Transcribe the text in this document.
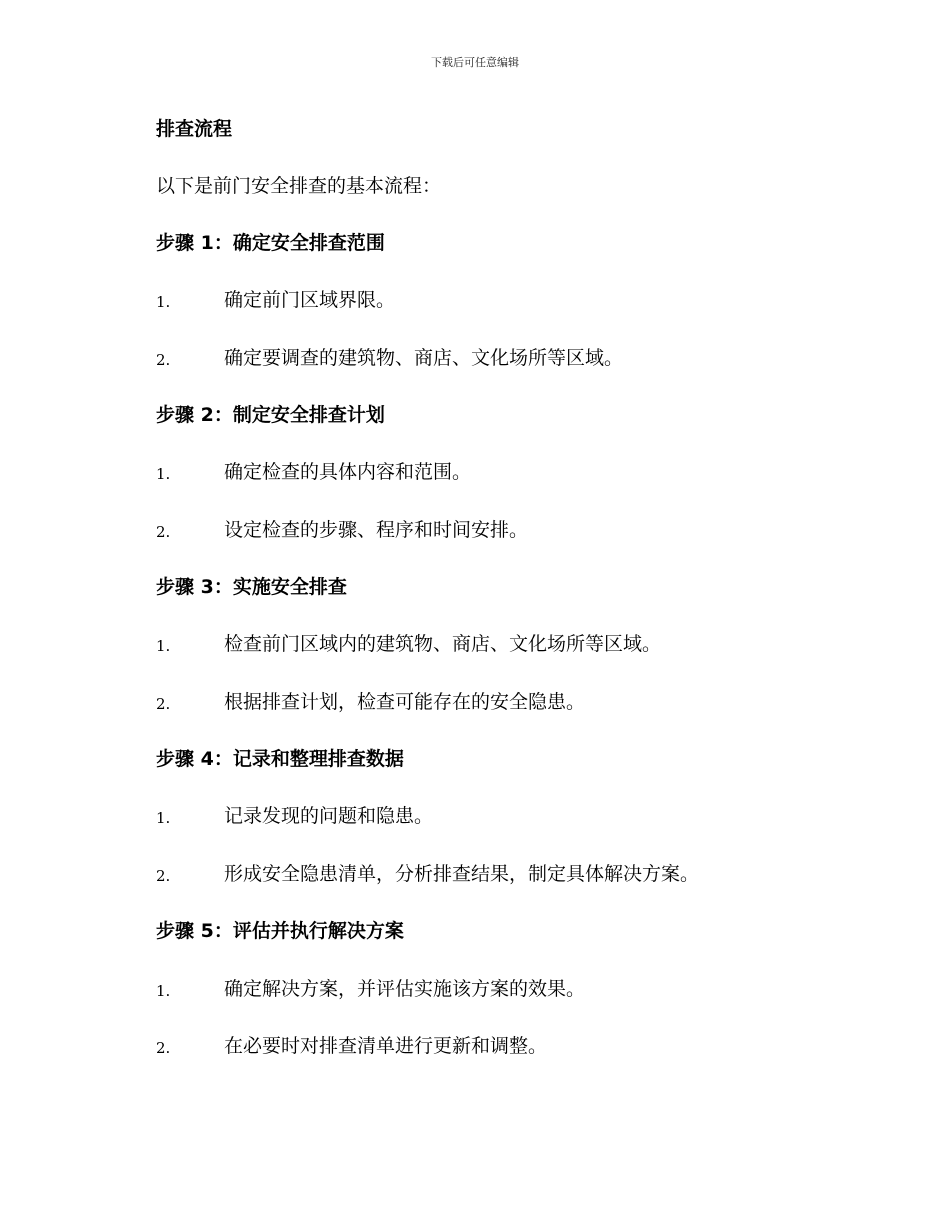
下载后可任意编辑
排查流程
以下是前门安全排查的基本流程：
步骤 1：确定安全排查范围
1.	确定前门区域界限。
2.	确定要调查的建筑物、商店、文化场所等区域。
步骤 2：制定安全排查计划
1.	确定检查的具体内容和范围。
2.	设定检查的步骤、程序和时间安排。
步骤 3：实施安全排查
1.	检查前门区域内的建筑物、商店、文化场所等区域。
2.	根据排查计划，检查可能存在的安全隐患。
步骤 4：记录和整理排查数据
1.	记录发现的问题和隐患。
2.	形成安全隐患清单，分析排查结果，制定具体解决方案。
步骤 5：评估并执行解决方案
1.	确定解决方案，并评估实施该方案的效果。
2.	在必要时对排查清单进行更新和调整。
